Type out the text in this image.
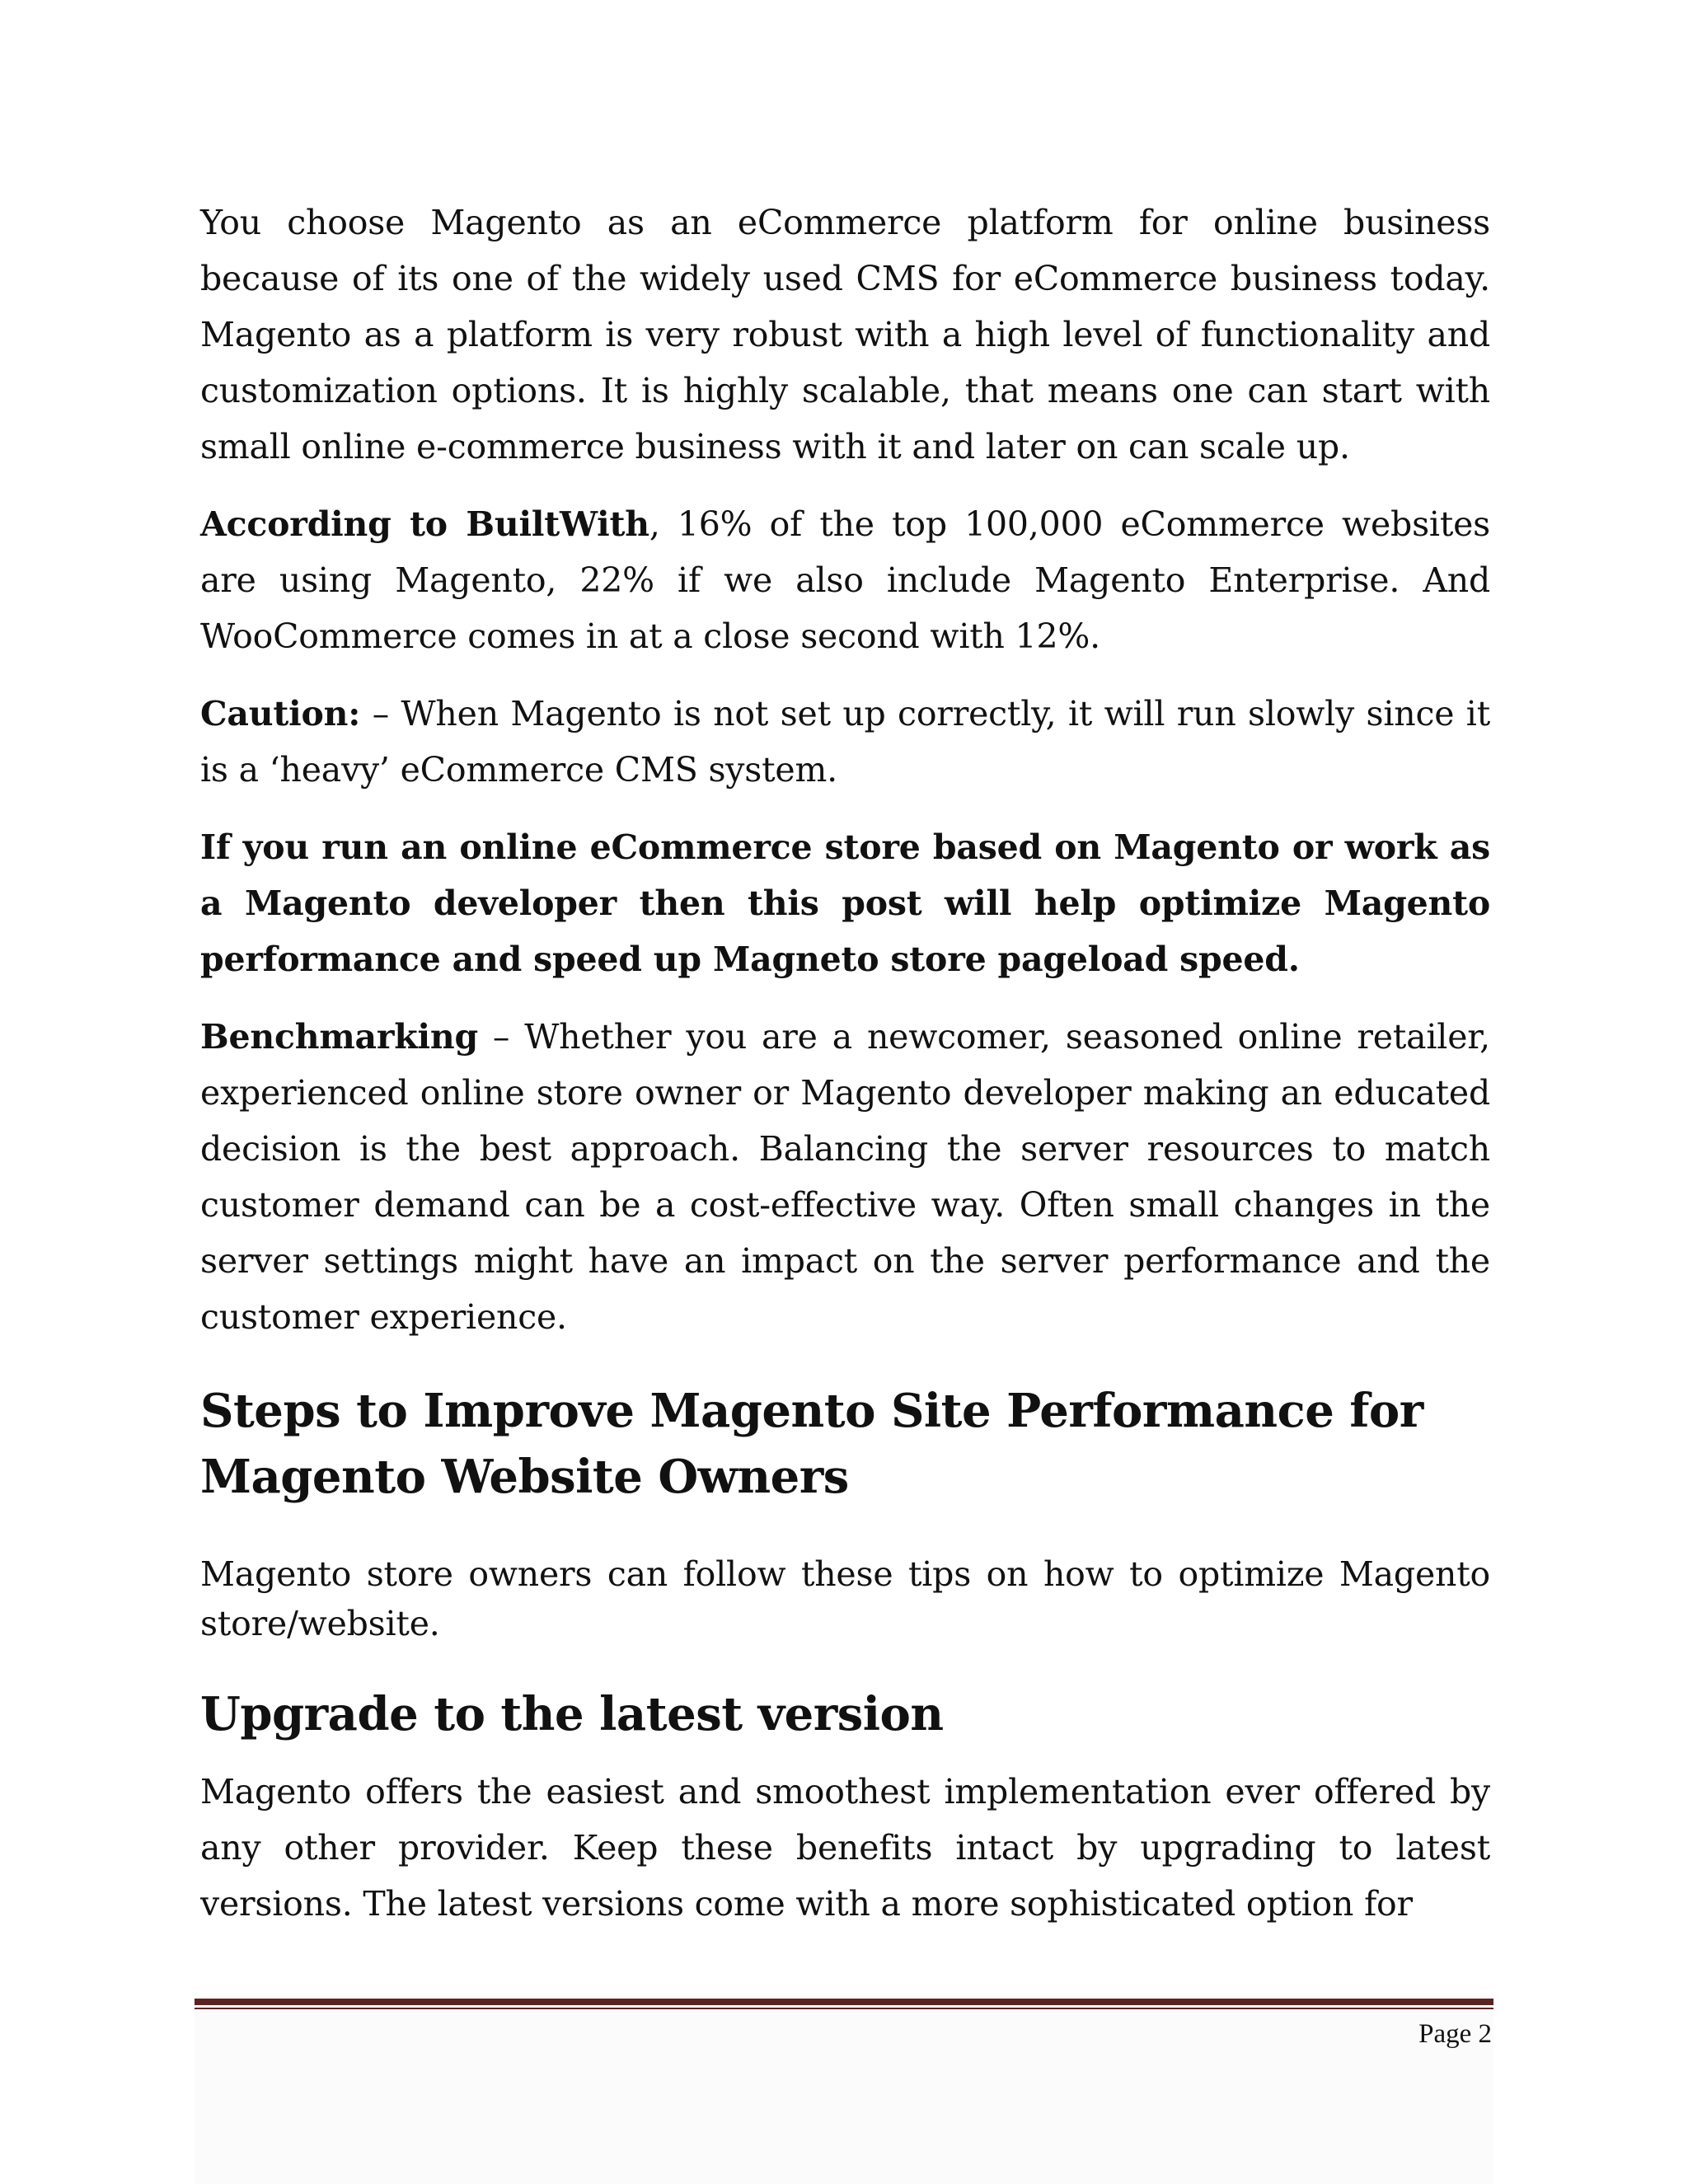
You choose Magento as an eCommerce platform for online business because of its one of the widely used CMS for eCommerce business today. Magento as a platform is very robust with a high level of functionality and customization options. It is highly scalable, that means one can start with small online e-commerce business with it and later on can scale up.

According to BuiltWith, 16% of the top 100,000 eCommerce websites are using Magento, 22% if we also include Magento Enterprise. And WooCommerce comes in at a close second with 12%.

Caution: – When Magento is not set up correctly, it will run slowly since it is a ‘heavy’ eCommerce CMS system.

If you run an online eCommerce store based on Magento or work as a Magento developer then this post will help optimize Magento performance and speed up Magneto store pageload speed.

Benchmarking – Whether you are a newcomer, seasoned online retailer, experienced online store owner or Magento developer making an educated decision is the best approach. Balancing the server resources to match customer demand can be a cost-effective way. Often small changes in the server settings might have an impact on the server performance and the customer experience.

Steps to Improve Magento Site Performance for Magento Website Owners

Magento store owners can follow these tips on how to optimize Magento store/website.

Upgrade to the latest version

Magento offers the easiest and smoothest implementation ever offered by any other provider. Keep these benefits intact by upgrading to latest versions. The latest versions come with a more sophisticated option for

Page 2
